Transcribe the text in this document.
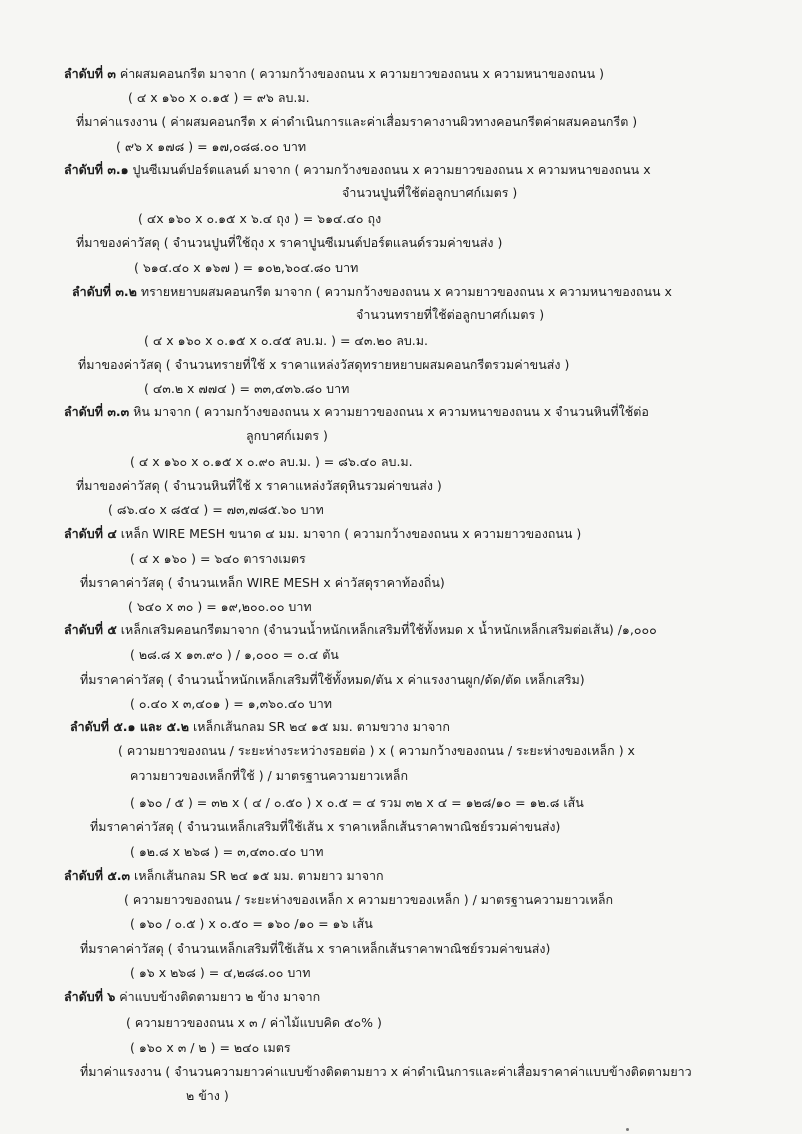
ลำดับที่ ๓ ค่าผสมคอนกรีต มาจาก ( ความกว้างของถนน x ความยาวของถนน x ความหนาของถนน )
( ๔ x ๑๖๐ x ๐.๑๕ ) = ๙๖ ลบ.ม.
ที่มาค่าแรงงาน ( ค่าผสมคอนกรีต x ค่าดำเนินการและค่าเสื่อมราคางานผิวทางคอนกรีตค่าผสมคอนกรีต )
( ๙๖ x ๑๗๘ ) = ๑๗,๐๘๘.๐๐ บาท
ลำดับที่ ๓.๑ ปูนซีเมนต์ปอร์ตแลนด์ มาจาก ( ความกว้างของถนน x ความยาวของถนน x ความหนาของถนน x
จำนวนปูนที่ใช้ต่อลูกบาศก์เมตร )
( ๔x ๑๖๐ x ๐.๑๕ x ๖.๔ ถุง ) = ๖๑๔.๔๐ ถุง
ที่มาของค่าวัสดุ ( จำนวนปูนที่ใช้ถุง x ราคาปูนซีเมนต์ปอร์ตแลนด์รวมค่าขนส่ง )
( ๖๑๔.๔๐ x ๑๖๗ ) = ๑๐๒,๖๐๔.๘๐ บาท
ลำดับที่ ๓.๒ ทรายหยาบผสมคอนกรีต มาจาก ( ความกว้างของถนน x ความยาวของถนน x ความหนาของถนน x
จำนวนทรายที่ใช้ต่อลูกบาศก์เมตร )
( ๔ x ๑๖๐ x ๐.๑๕ x ๐.๔๕ ลบ.ม. ) = ๔๓.๒๐ ลบ.ม.
ที่มาของค่าวัสดุ ( จำนวนทรายที่ใช้ x ราคาแหล่งวัสดุทรายหยาบผสมคอนกรีตรวมค่าขนส่ง )
( ๔๓.๒ x ๗๗๔ ) = ๓๓,๔๓๖.๘๐ บาท
ลำดับที่ ๓.๓ หิน มาจาก ( ความกว้างของถนน x ความยาวของถนน x ความหนาของถนน x จำนวนหินที่ใช้ต่อ
ลูกบาศก์เมตร )
( ๔ x ๑๖๐ x ๐.๑๕ x ๐.๙๐ ลบ.ม. ) = ๘๖.๔๐ ลบ.ม.
ที่มาของค่าวัสดุ ( จำนวนหินที่ใช้ x ราคาแหล่งวัสดุหินรวมค่าขนส่ง )
( ๘๖.๔๐ x ๘๕๔ ) = ๗๓,๗๘๕.๖๐ บาท
ลำดับที่ ๔ เหล็ก WIRE MESH ขนาด ๔ มม. มาจาก ( ความกว้างของถนน x ความยาวของถนน )
( ๔ x ๑๖๐ ) = ๖๔๐ ตารางเมตร
ที่มราคาค่าวัสดุ ( จำนวนเหล็ก WIRE MESH x ค่าวัสดุราคาท้องถิ่น)
( ๖๔๐ x ๓๐ ) = ๑๙,๒๐๐.๐๐ บาท
ลำดับที่ ๕ เหล็กเสริมคอนกรีตมาจาก (จำนวนน้ำหนักเหล็กเสริมที่ใช้ทั้งหมด x น้ำหนักเหล็กเสริมต่อเส้น) /๑,๐๐๐
( ๒๘.๘ x ๑๓.๙๐ ) / ๑,๐๐๐ = ๐.๔ ตัน
ที่มราคาค่าวัสดุ ( จำนวนน้ำหนักเหล็กเสริมที่ใช้ทั้งหมด/ตัน x ค่าแรงงานผูก/ดัด/ตัด เหล็กเสริม)
( ๐.๔๐ x ๓,๔๐๑ ) = ๑,๓๖๐.๔๐ บาท
ลำดับที่ ๕.๑ และ ๕.๒ เหล็กเส้นกลม SR ๒๔ ๑๕ มม. ตามขวาง มาจาก
( ความยาวของถนน / ระยะห่างระหว่างรอยต่อ ) x ( ความกว้างของถนน / ระยะห่างของเหล็ก ) x
ความยาวของเหล็กที่ใช้ ) / มาตรฐานความยาวเหล็ก
( ๑๖๐ / ๕ ) = ๓๒ x ( ๔ / ๐.๕๐ ) x ๐.๕ = ๔ รวม ๓๒ x ๔ = ๑๒๘/๑๐ = ๑๒.๘ เส้น
ที่มราคาค่าวัสดุ ( จำนวนเหล็กเสริมที่ใช้เส้น x ราคาเหล็กเส้นราคาพาณิชย์รวมค่าขนส่ง)
( ๑๒.๘ x ๒๖๘ ) = ๓,๔๓๐.๔๐ บาท
ลำดับที่ ๕.๓ เหล็กเส้นกลม SR ๒๔ ๑๕ มม. ตามยาว มาจาก
( ความยาวของถนน / ระยะห่างของเหล็ก x ความยาวของเหล็ก ) / มาตรฐานความยาวเหล็ก
( ๑๖๐ / ๐.๕ ) x ๐.๕๐ = ๑๖๐ /๑๐ = ๑๖ เส้น
ที่มราคาค่าวัสดุ ( จำนวนเหล็กเสริมที่ใช้เส้น x ราคาเหล็กเส้นราคาพาณิชย์รวมค่าขนส่ง)
( ๑๖ x ๒๖๘ ) = ๔,๒๘๘.๐๐ บาท
ลำดับที่ ๖ ค่าแบบข้างติดตามยาว ๒ ข้าง มาจาก
( ความยาวของถนน x ๓ / ค่าไม้แบบคิด ๕๐% )
( ๑๖๐ x ๓ / ๒ ) = ๒๔๐ เมตร
ที่มาค่าแรงงาน ( จำนวนความยาวค่าแบบข้างติดตามยาว x ค่าดำเนินการและค่าเสื่อมราคาค่าแบบข้างติดตามยาว
๒ ข้าง )
